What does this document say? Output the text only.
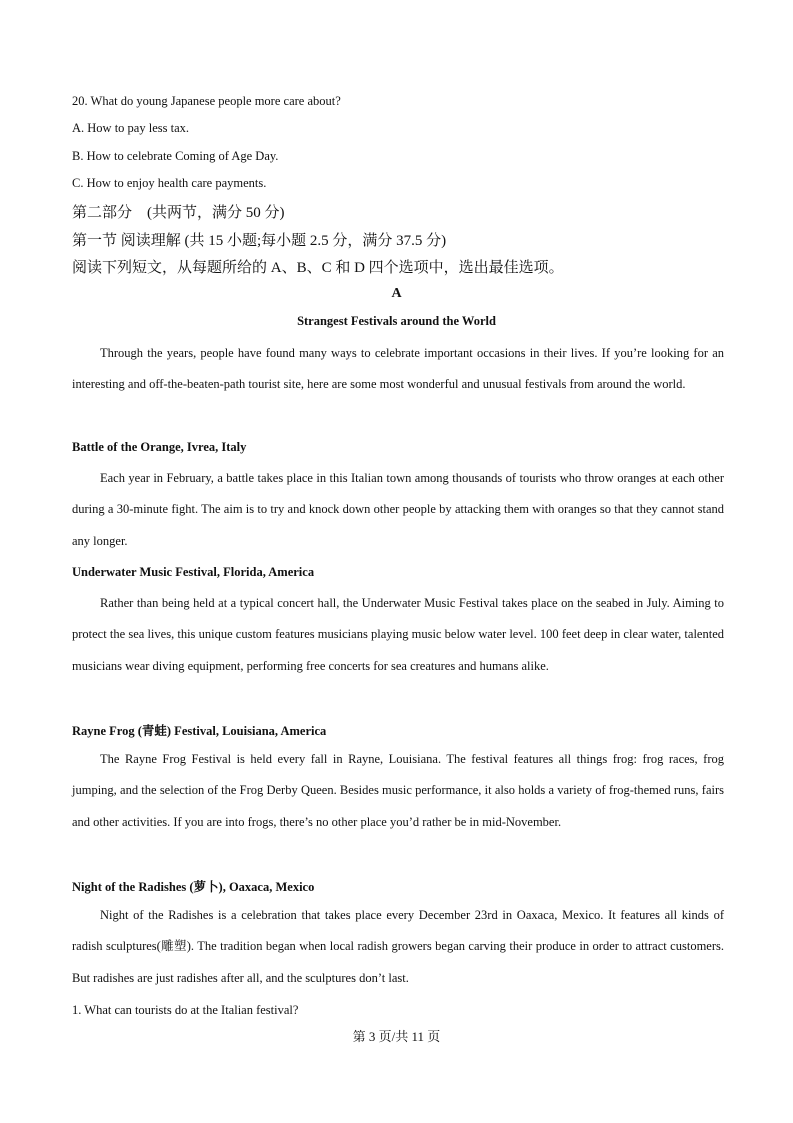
20. What do young Japanese people more care about?
A. How to pay less tax.
B. How to celebrate Coming of Age Day.
C. How to enjoy health care payments.
第二部分　(共两节，满分 50 分)
第一节 阅读理解 (共 15 小题;每小题 2.5 分，满分 37.5 分)
阅读下列短文，从每题所给的 A、B、C 和 D 四个选项中，选出最佳选项。
A
Strangest Festivals around the World

Through the years, people have found many ways to celebrate important occasions in their lives. If you’re looking for an interesting and off-the-beaten-path tourist site, here are some most wonderful and unusual festivals from around the world.

Battle of the Orange, Ivrea, Italy

Each year in February, a battle takes place in this Italian town among thousands of tourists who throw oranges at each other during a 30-minute fight. The aim is to try and knock down other people by attacking them with oranges so that they cannot stand any longer.

Underwater Music Festival, Florida, America

Rather than being held at a typical concert hall, the Underwater Music Festival takes place on the seabed in July. Aiming to protect the sea lives, this unique custom features musicians playing music below water level. 100 feet deep in clear water, talented musicians wear diving equipment, performing free concerts for sea creatures and humans alike.

Rayne Frog (青蛙) Festival, Louisiana, America

The Rayne Frog Festival is held every fall in Rayne, Louisiana. The festival features all things frog: frog races, frog jumping, and the selection of the Frog Derby Queen. Besides music performance, it also holds a variety of frog-themed runs, fairs and other activities. If you are into frogs, there’s no other place you’d rather be in mid-November.

Night of the Radishes (萝卜), Oaxaca, Mexico

Night of the Radishes is a celebration that takes place every December 23rd in Oaxaca, Mexico. It features all kinds of radish sculptures(雕塑). The tradition began when local radish growers began carving their produce in order to attract customers. But radishes are just radishes after all, and the sculptures don’t last.

1. What can tourists do at the Italian festival?
第 3 页/共 11 页
